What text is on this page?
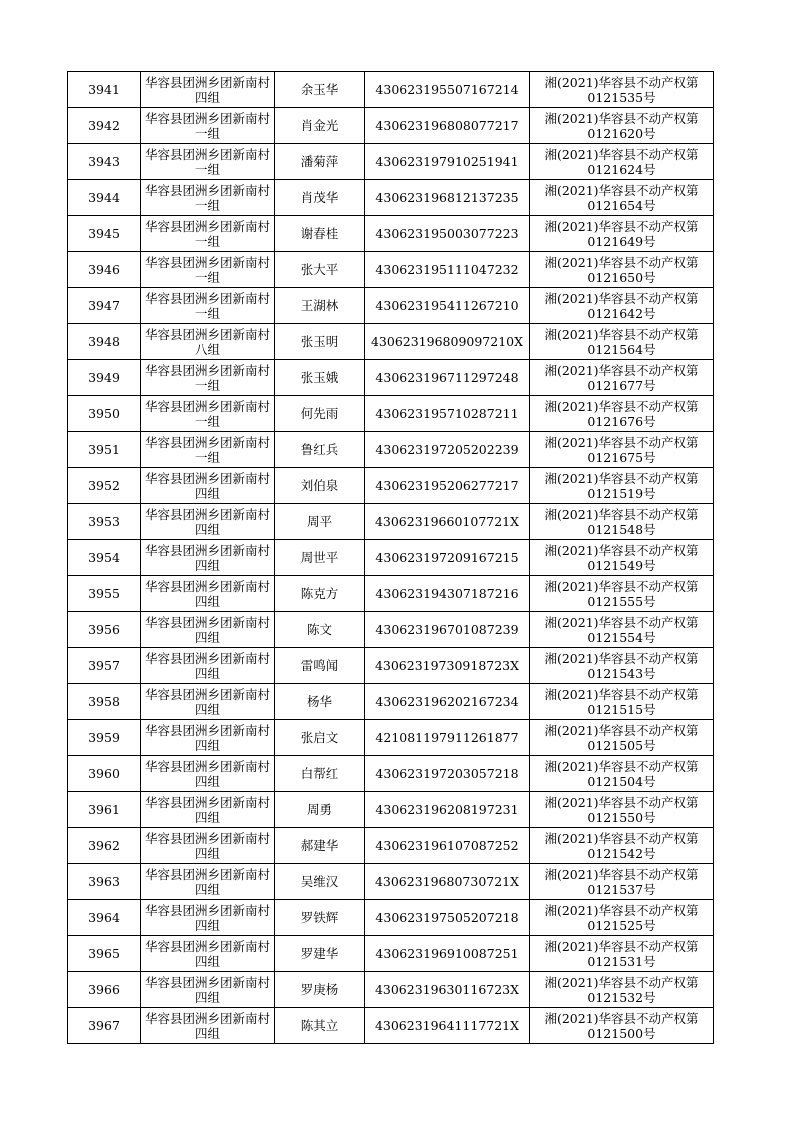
3941	华容县团洲乡团新南村四组	余玉华	430623195507167214	湘(2021)华容县不动产权第0121535号

3942	华容县团洲乡团新南村一组	肖金光	430623196808077217	湘(2021)华容县不动产权第0121620号

3943	华容县团洲乡团新南村一组	潘菊萍	430623197910251941	湘(2021)华容县不动产权第0121624号

3944	华容县团洲乡团新南村一组	肖茂华	430623196812137235	湘(2021)华容县不动产权第0121654号

3945	华容县团洲乡团新南村一组	谢春桂	430623195003077223	湘(2021)华容县不动产权第0121649号

3946	华容县团洲乡团新南村一组	张大平	430623195111047232	湘(2021)华容县不动产权第0121650号

3947	华容县团洲乡团新南村一组	王湖林	430623195411267210	湘(2021)华容县不动产权第0121642号

3948	华容县团洲乡团新南村八组	张玉明	430623196809097210X	湘(2021)华容县不动产权第0121564号

3949	华容县团洲乡团新南村一组	张玉娥	430623196711297248	湘(2021)华容县不动产权第0121677号

3950	华容县团洲乡团新南村一组	何先雨	430623195710287211	湘(2021)华容县不动产权第0121676号

3951	华容县团洲乡团新南村一组	鲁红兵	430623197205202239	湘(2021)华容县不动产权第0121675号

3952	华容县团洲乡团新南村四组	刘伯泉	430623195206277217	湘(2021)华容县不动产权第0121519号

3953	华容县团洲乡团新南村四组	周平	43062319660107721X	湘(2021)华容县不动产权第0121548号

3954	华容县团洲乡团新南村四组	周世平	430623197209167215	湘(2021)华容县不动产权第0121549号

3955	华容县团洲乡团新南村四组	陈克方	430623194307187216	湘(2021)华容县不动产权第0121555号

3956	华容县团洲乡团新南村四组	陈文	430623196701087239	湘(2021)华容县不动产权第0121554号

3957	华容县团洲乡团新南村四组	雷鸣闻	43062319730918723X	湘(2021)华容县不动产权第0121543号

3958	华容县团洲乡团新南村四组	杨华	430623196202167234	湘(2021)华容县不动产权第0121515号

3959	华容县团洲乡团新南村四组	张启文	421081197911261877	湘(2021)华容县不动产权第0121505号

3960	华容县团洲乡团新南村四组	白帮红	430623197203057218	湘(2021)华容县不动产权第0121504号

3961	华容县团洲乡团新南村四组	周勇	430623196208197231	湘(2021)华容县不动产权第0121550号

3962	华容县团洲乡团新南村四组	郝建华	430623196107087252	湘(2021)华容县不动产权第0121542号

3963	华容县团洲乡团新南村四组	吴维汉	43062319680730721X	湘(2021)华容县不动产权第0121537号

3964	华容县团洲乡团新南村四组	罗铁辉	430623197505207218	湘(2021)华容县不动产权第0121525号

3965	华容县团洲乡团新南村四组	罗建华	430623196910087251	湘(2021)华容县不动产权第0121531号

3966	华容县团洲乡团新南村四组	罗庚杨	43062319630116723X	湘(2021)华容县不动产权第0121532号

3967	华容县团洲乡团新南村四组	陈其立	43062319641117721X	湘(2021)华容县不动产权第0121500号
